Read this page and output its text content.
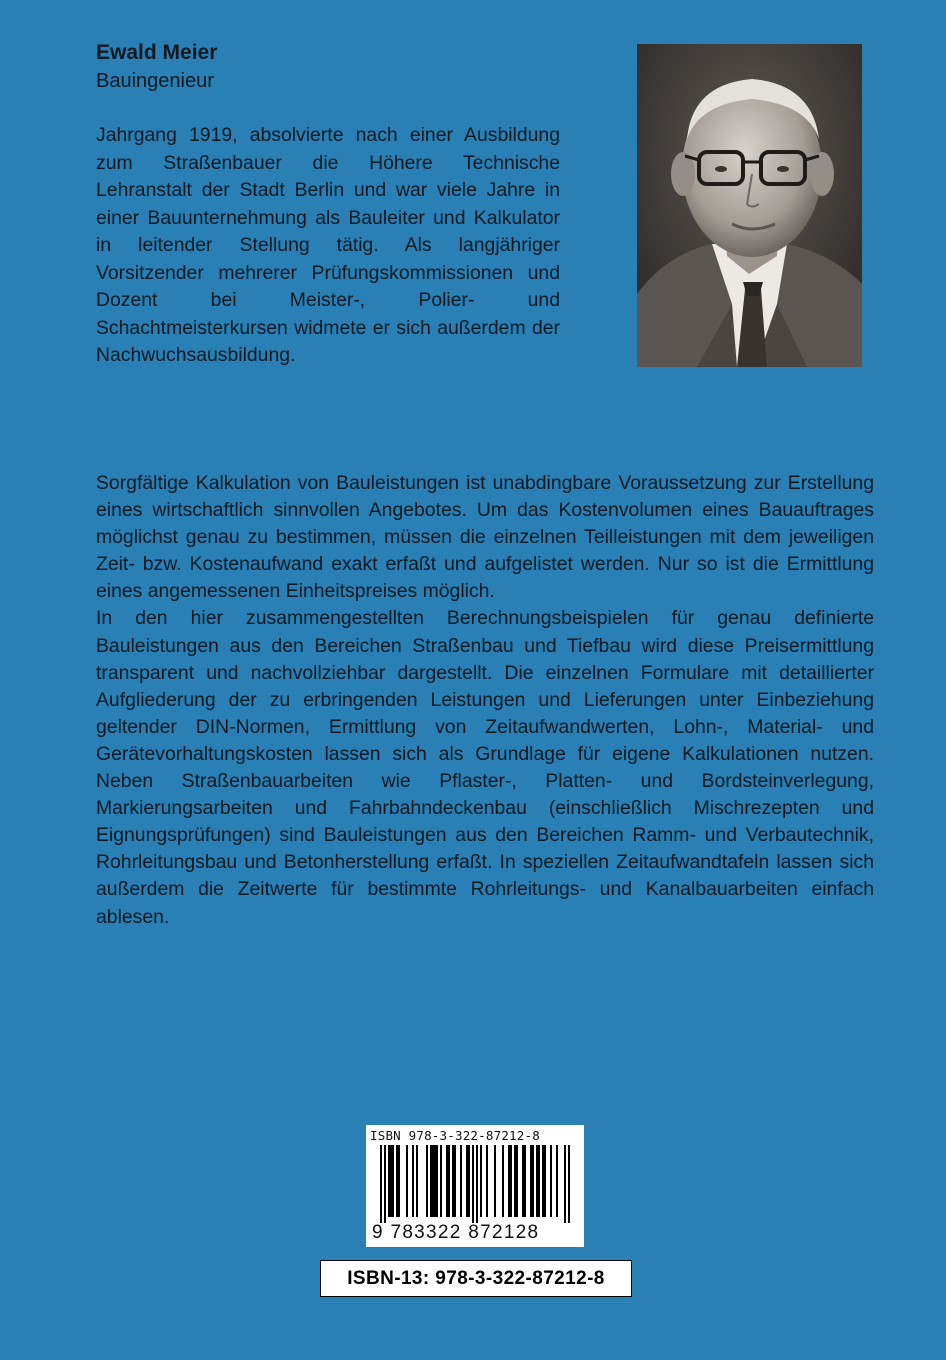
Ewald Meier
Bauingenieur
Jahrgang 1919, absolvierte nach einer Ausbildung zum Straßenbauer die Höhere Technische Lehranstalt der Stadt Berlin und war viele Jahre in einer Bauunternehmung als Bauleiter und Kalkulator in leitender Stellung tätig. Als langjähriger Vorsitzender mehrerer Prüfungskommissionen und Dozent bei Meister-, Polier- und Schachtmeisterkursen widmete er sich außerdem der Nachwuchsausbildung.

Sorgfältige Kalkulation von Bauleistungen ist unabdingbare Voraussetzung zur Erstellung eines wirtschaftlich sinnvollen Angebotes. Um das Kostenvolumen eines Bauauftrages möglichst genau zu bestimmen, müssen die einzelnen Teilleistungen mit dem jeweiligen Zeit- bzw. Kostenaufwand exakt erfaßt und aufgelistet werden. Nur so ist die Ermittlung eines angemessenen Einheitspreises möglich.

In den hier zusammengestellten Berechnungsbeispielen für genau definierte Bauleistungen aus den Bereichen Straßenbau und Tiefbau wird diese Preisermittlung transparent und nachvollziehbar dargestellt. Die einzelnen Formulare mit detaillierter Aufgliederung der zu erbringenden Leistungen und Lieferungen unter Einbeziehung geltender DIN-Normen, Ermittlung von Zeitaufwandwerten, Lohn-, Material- und Gerätevorhaltungskosten lassen sich als Grundlage für eigene Kalkulationen nutzen. Neben Straßenbauarbeiten wie Pflaster-, Platten- und Bordsteinverlegung, Markierungsarbeiten und Fahrbahndeckenbau (einschließlich Mischrezepten und Eignungsprüfungen) sind Bauleistungen aus den Bereichen Ramm- und Verbautechnik, Rohrleitungsbau und Betonherstellung erfaßt. In speziellen Zeitaufwandtafeln lassen sich außerdem die Zeitwerte für bestimmte Rohrleitungs- und Kanalbauarbeiten einfach ablesen.

ISBN 978-3-322-87212-8
9 783322 872128
ISBN-13: 978-3-322-87212-8
